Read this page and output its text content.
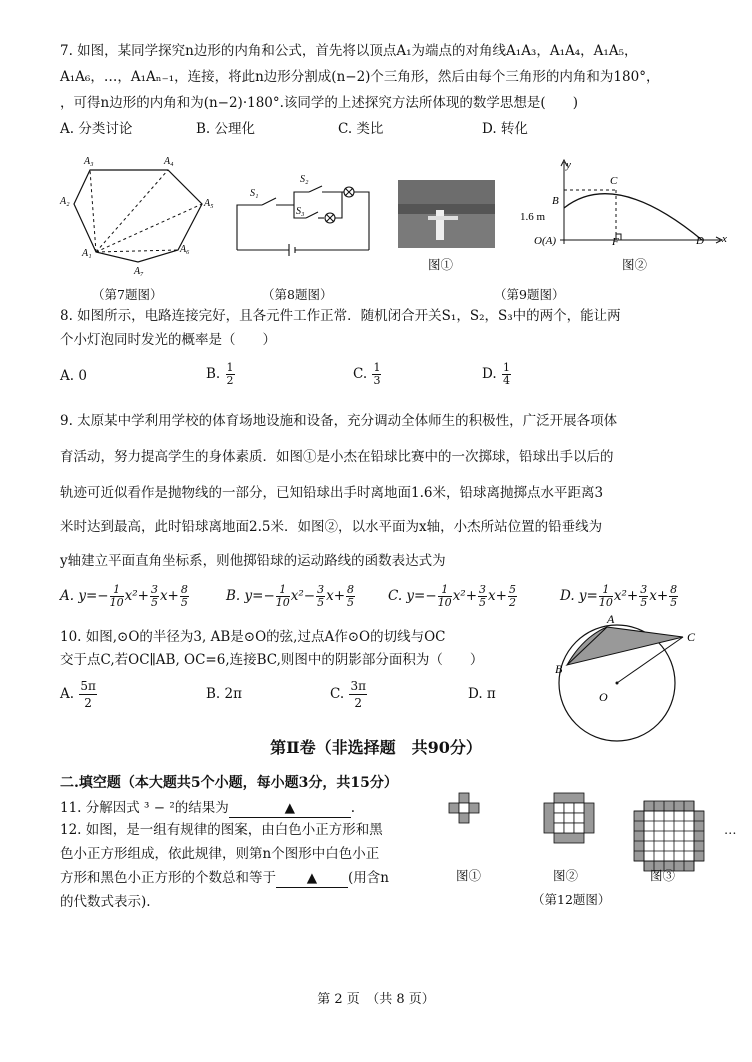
7. 如图，某同学探究n边形的内角和公式，首先将以顶点A₁为端点的对角线A₁A₃，A₁A₄，A₁A₅，
A₁A₆，…，A₁Aₙ₋₁，连接，将此n边形分割成(n−2)个三角形，然后由每个三角形的内角和为180°，
，可得n边形的内角和为(n−2)·180°.该同学的上述探究方法所体现的数学思想是(　　)
A. 分类讨论	B. 公理化	C. 类比	D. 转化
A₃	A₄
A₅
A₂
A₆
A₇
A₁
（第7题图）
S₁
S₂
S₃
（第8题图）
图①
y
x
B
C
1.6 m
O(A)	F	D
图②
（第9题图）
8. 如图所示，电路连接完好，且各元件工作正常．随机闭合开关S₁，S₂，S₃中的两个，能让两
个小灯泡同时发光的概率是（　　）
A. 0	B. $\frac{1}{2}$	C. $\frac{1}{3}$	D. $\frac{1}{4}$
9. 太原某中学利用学校的体育场地设施和设备，充分调动全体师生的积极性，广泛开展各项体
育活动，努力提高学生的身体素质．如图①是小杰在铅球比赛中的一次掷球，铅球出手以后的
轨迹可近似看作是抛物线的一部分，已知铅球出手时离地面1.6米，铅球离抛掷点水平距离3
米时达到最高，此时铅球离地面2.5米．如图②，以水平面为x轴，小杰所站位置的铅垂线为
y轴建立平面直角坐标系，则他掷铅球的运动路线的函数表达式为
A. $y=- \frac{1}{10} x^2+ \frac{3}{5} x+ \frac{8}{5}$	B. $y=- \frac{1}{10} x^2- \frac{3}{5} x+ \frac{8}{5} C$. $y=- \frac{1}{10} x^2+ \frac{3}{5} x+ \frac{5}{2}$	D. $y= \frac{1}{10} x^2+ \frac{3}{5} x+ \frac{8}{5}$
10. 如图,⊙O的半径为3, AB是⊙O的弦,过点A作⊙O的切线与OC
交于点C,若OC∥AB, OC=6,连接BC,则图中的阴影部分面积为（　　）
A. $\frac{5\pi}{2}$	B. 2π	C. $\frac{3\pi}{2}$	D. π
A
B
C
O
第Ⅱ卷（非选择题　共90分）
二.填空题（本大题共5个小题，每小题3分，共15分）
11. 分解因式 ³ − ²的结果为	▲	.
12. 如图，是一组有规律的图案，由白色小正方形和黑
色小正方形组成，依此规律，则第n个图形中白色小正
方形和黑色小正方形的个数总和等于 ▲ (用含n
的代数式表示).
…
图①	图②	图③
（第12题图）
第 2 页　（共 8 页）
